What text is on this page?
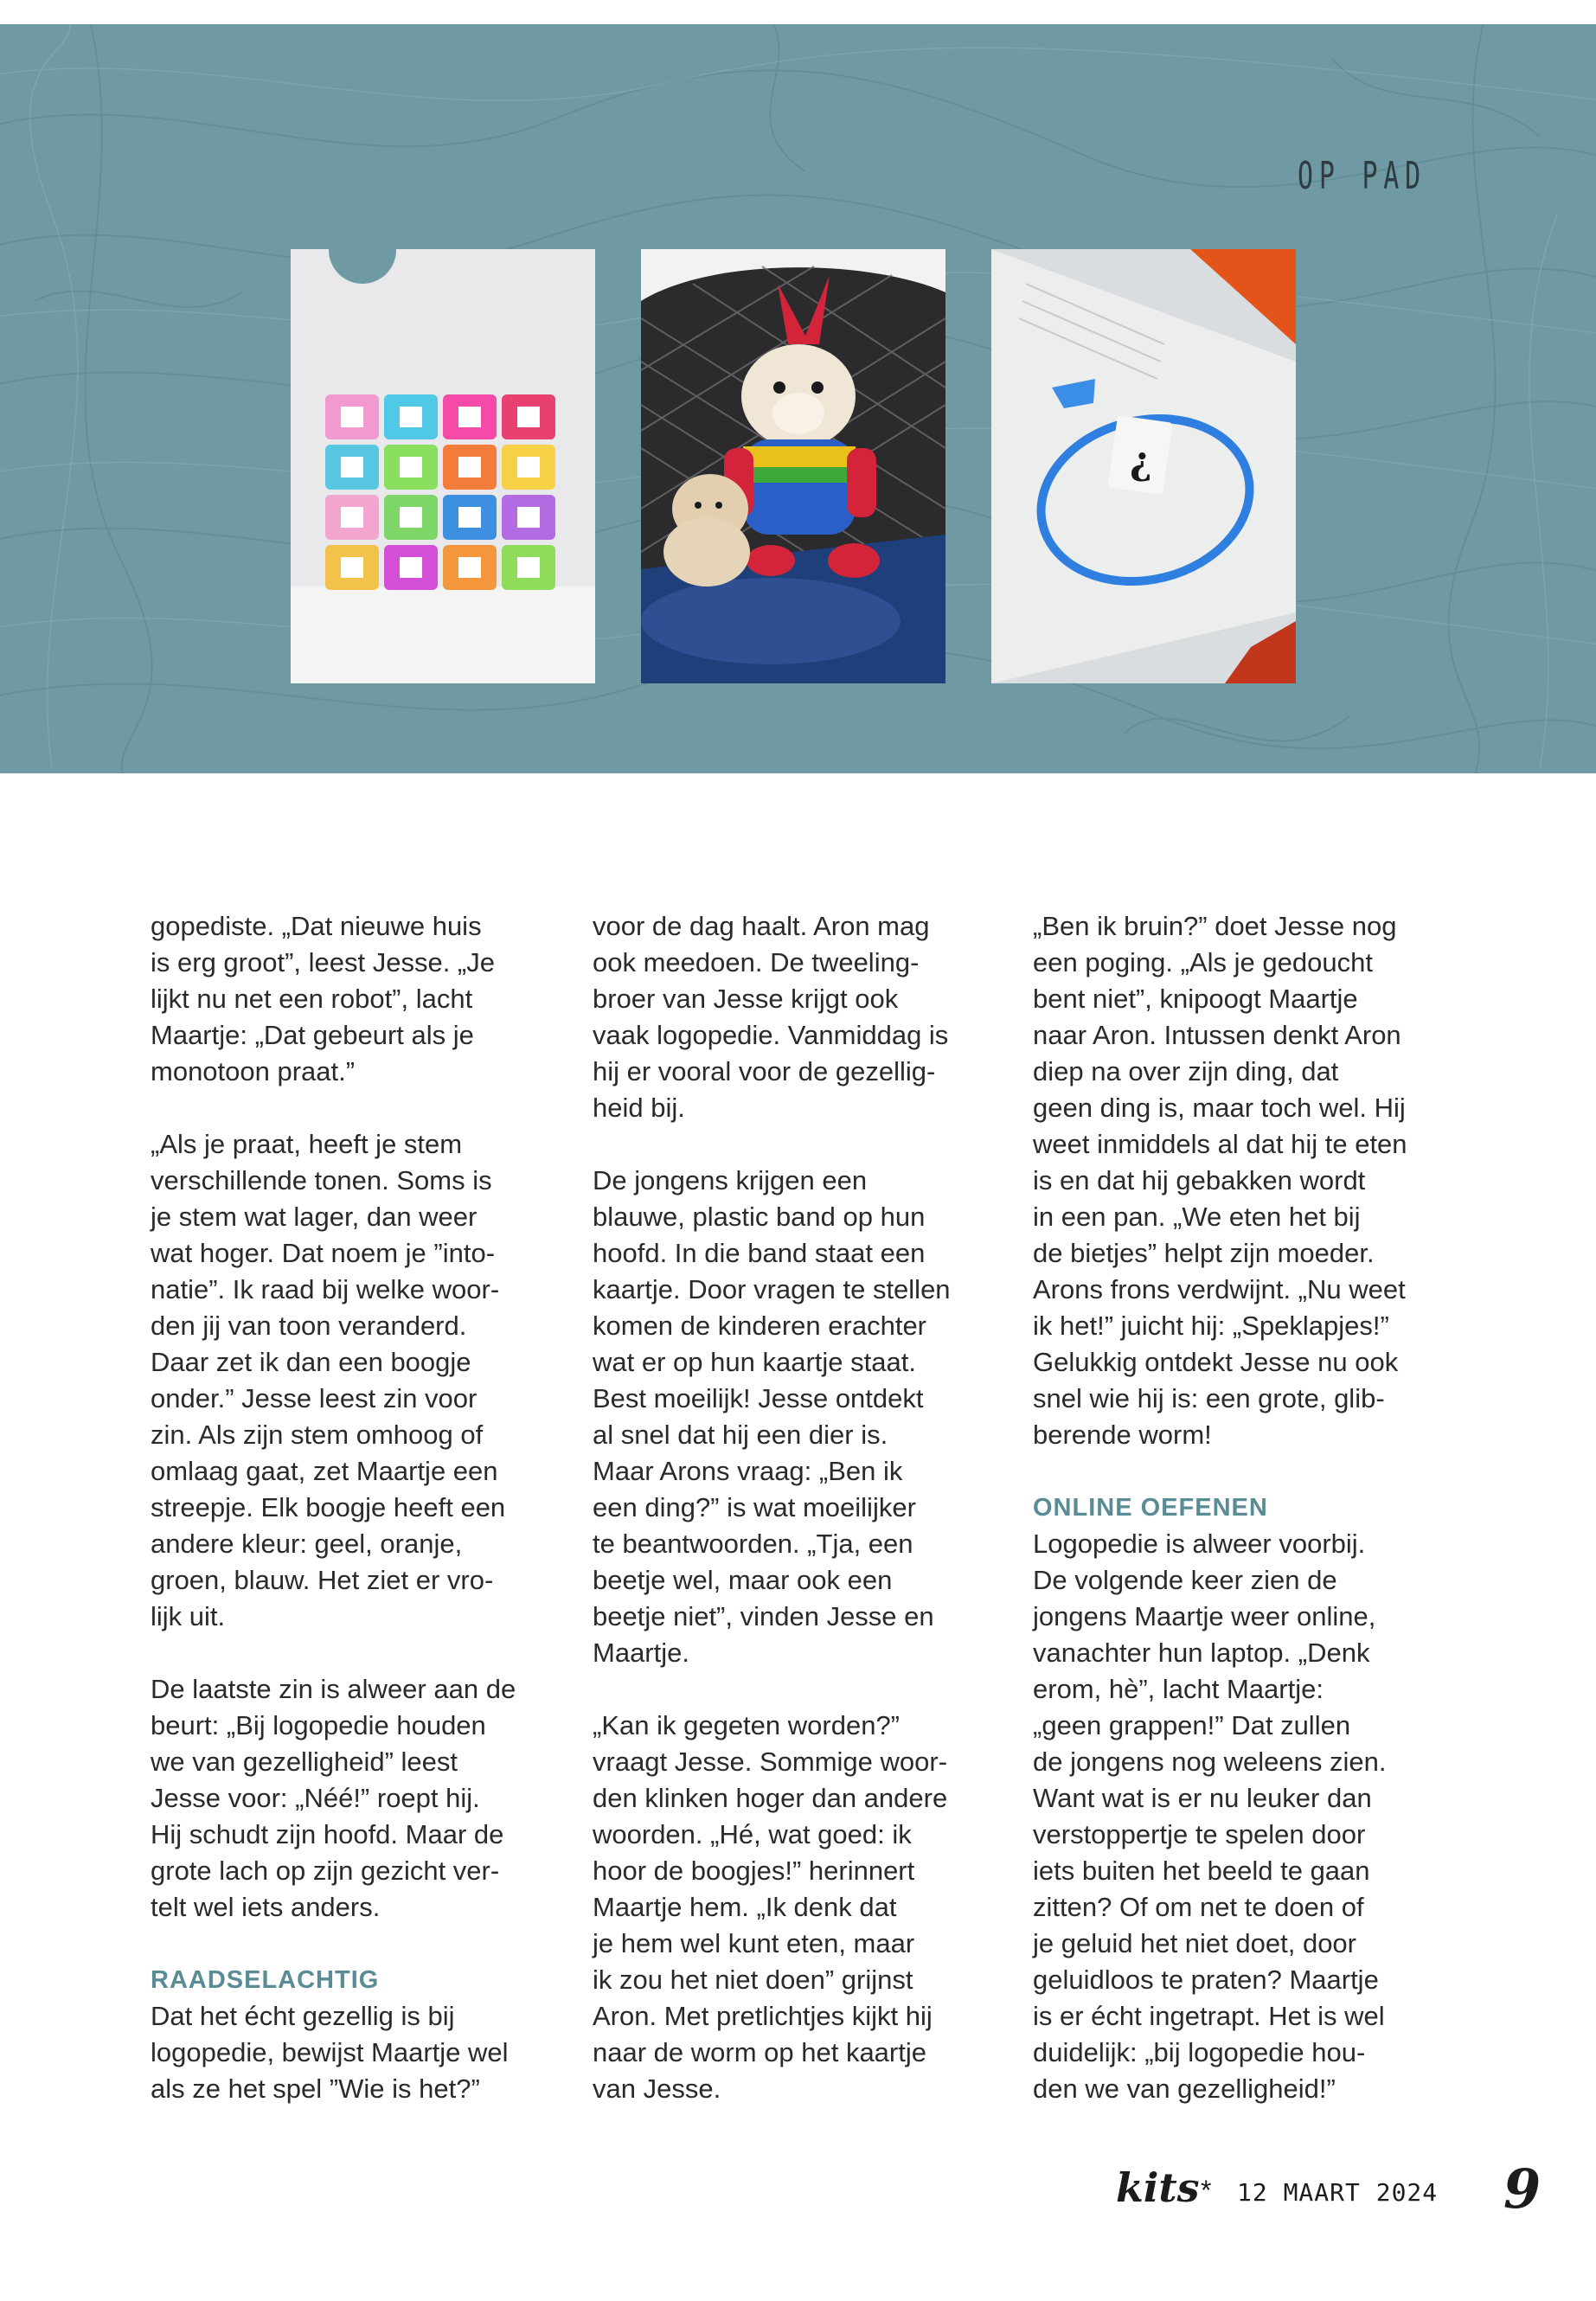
OP PAD
¿

gopediste. „Dat nieuwe huis
is erg groot”, leest Jesse. „Je
lijkt nu net een robot”, lacht
Maartje: „Dat gebeurt als je
monotoon praat.”

„Als je praat, heeft je stem
verschillende tonen. Soms is
je stem wat lager, dan weer
wat hoger. Dat noem je ”into-
natie”. Ik raad bij welke woor-
den jij van toon veranderd.
Daar zet ik dan een boogje
onder.” Jesse leest zin voor
zin. Als zijn stem omhoog of
omlaag gaat, zet Maartje een
streepje. Elk boogje heeft een
andere kleur: geel, oranje,
groen, blauw. Het ziet er vro-
lijk uit.

De laatste zin is alweer aan de
beurt: „Bij logopedie houden
we van gezelligheid” leest
Jesse voor: „Néé!” roept hij.
Hij schudt zijn hoofd. Maar de
grote lach op zijn gezicht ver-
telt wel iets anders.

RAADSELACHTIG

Dat het écht gezellig is bij
logopedie, bewijst Maartje wel
als ze het spel ”Wie is het?”

voor de dag haalt. Aron mag
ook meedoen. De tweeling-
broer van Jesse krijgt ook
vaak logopedie. Vanmiddag is
hij er vooral voor de gezellig-
heid bij.

De jongens krijgen een
blauwe, plastic band op hun
hoofd. In die band staat een
kaartje. Door vragen te stellen
komen de kinderen erachter
wat er op hun kaartje staat.
Best moeilijk! Jesse ontdekt
al snel dat hij een dier is.
Maar Arons vraag: „Ben ik
een ding?” is wat moeilijker
te beantwoorden. „Tja, een
beetje wel, maar ook een
beetje niet”, vinden Jesse en
Maartje.

„Kan ik gegeten worden?”
vraagt Jesse. Sommige woor-
den klinken hoger dan andere
woorden. „Hé, wat goed: ik
hoor de boogjes!” herinnert
Maartje hem. „Ik denk dat
je hem wel kunt eten, maar
ik zou het niet doen” grijnst
Aron. Met pretlichtjes kijkt hij
naar de worm op het kaartje
van Jesse.

„Ben ik bruin?” doet Jesse nog
een poging. „Als je gedoucht
bent niet”, knipoogt Maartje
naar Aron. Intussen denkt Aron
diep na over zijn ding, dat
geen ding is, maar toch wel. Hij
weet inmiddels al dat hij te eten
is en dat hij gebakken wordt
in een pan. „We eten het bij
de bietjes” helpt zijn moeder.
Arons frons verdwijnt. „Nu weet
ik het!” juicht hij: „Speklapjes!”
Gelukkig ontdekt Jesse nu ook
snel wie hij is: een grote, glib-
berende worm!

ONLINE OEFENEN

Logopedie is alweer voorbij.
De volgende keer zien de
jongens Maartje weer online,
vanachter hun laptop. „Denk
erom, hè”, lacht Maartje:
„geen grappen!” Dat zullen
de jongens nog weleens zien.
Want wat is er nu leuker dan
verstoppertje te spelen door
iets buiten het beeld te gaan
zitten? Of om net te doen of
je geluid het niet doet, door
geluidloos te praten? Maartje
is er écht ingetrapt. Het is wel
duidelijk: „bij logopedie hou-
den we van gezelligheid!”

kits * 12 MAART 2024 9
